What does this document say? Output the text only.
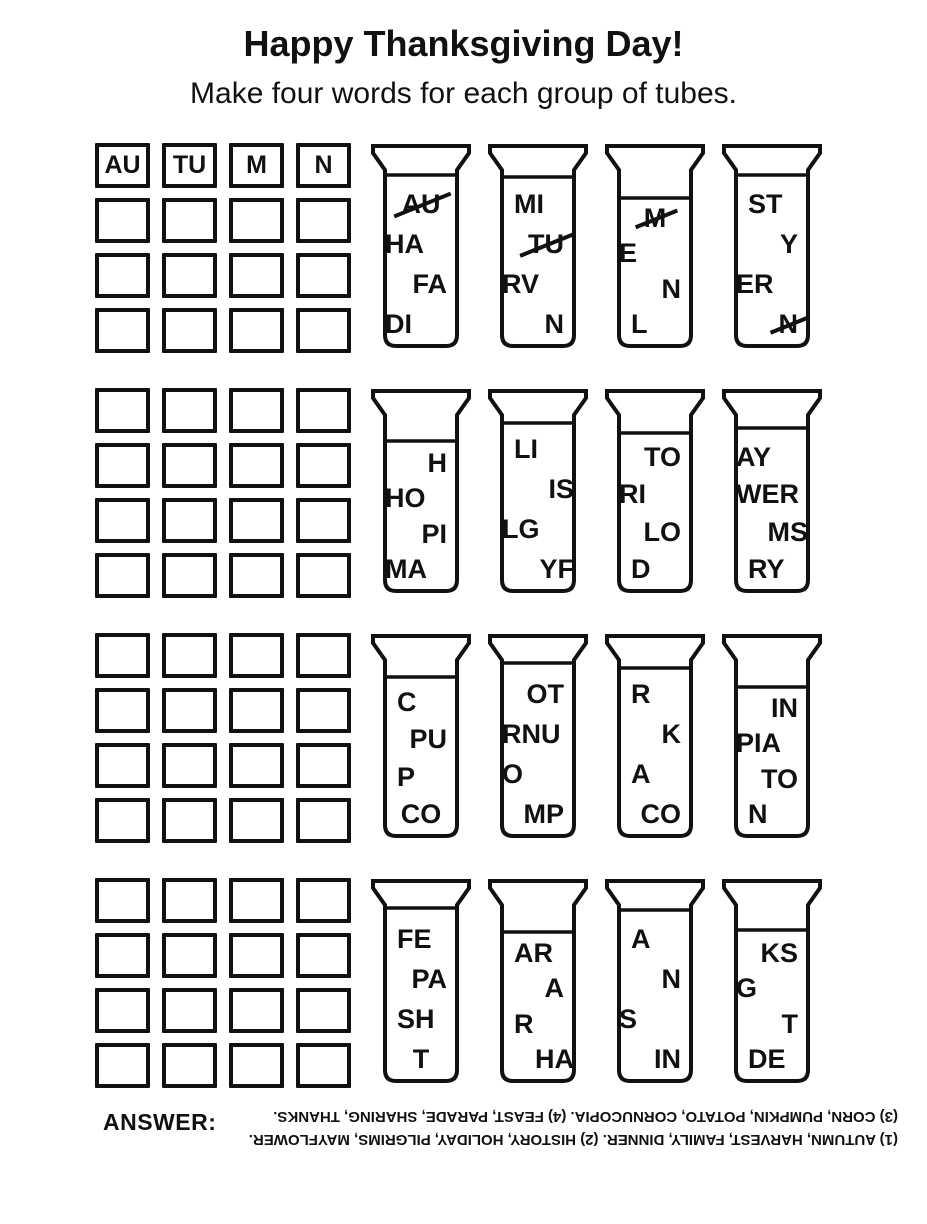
Happy Thanksgiving Day!
Make four words for each group of tubes.
AU	TU	M	N
AU
HA
FA
DI
MI
TU
RV
N
M
E
N
L
ST
Y
ER
N
H
HO
PI
MA
LI
IS
LG
YF
TO
RI
LO
D
AY
WER
MS
RY
C
PU
P
CO
OT
RNU
O
MP
R
K
A
CO
IN
PIA
TO
N
FE
PA
SH
T
AR
A
R
HA
A
N
S
IN
KS
G
T
DE
ANSWER:
(1) AUTUMN, HARVEST, FAMILY, DINNER. (2) HISTORY, HOLIDAY, PILGRIMS, MAYFLOWER.
(3) CORN, PUMPKIN, POTATO, CORNUCOPIA. (4) FEAST, PARADE, SHARING, THANKS.
